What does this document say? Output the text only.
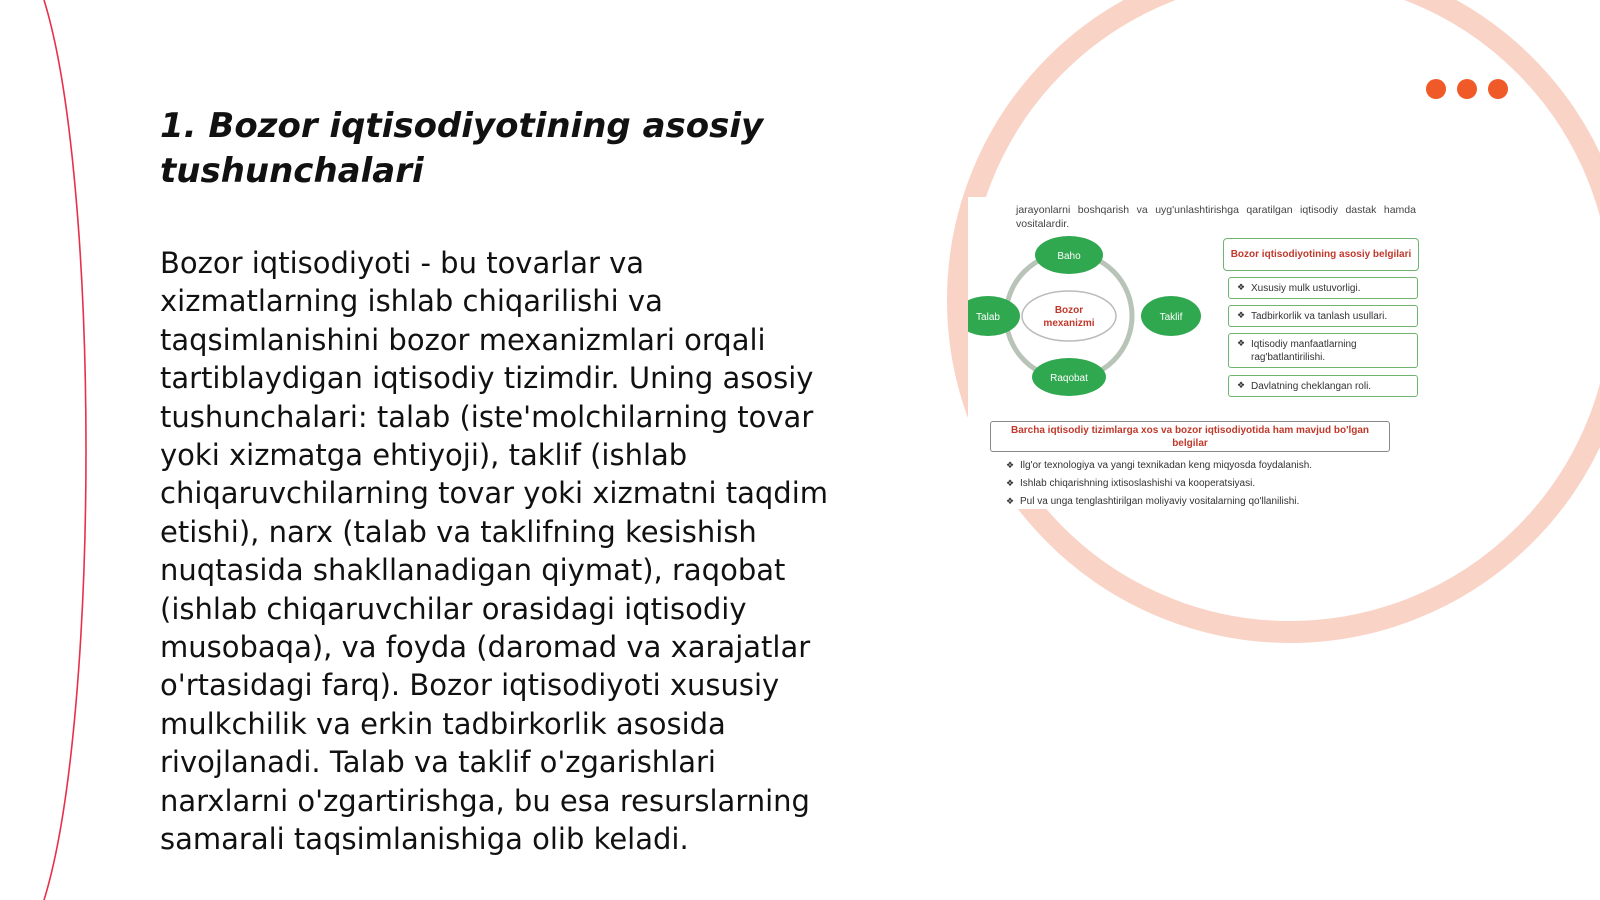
1. Bozor iqtisodiyotining asosiy tushunchalari

Bozor iqtisodiyoti - bu tovarlar va xizmatlarning ishlab chiqarilishi va taqsimlanishini bozor mexanizmlari orqali tartiblaydigan iqtisodiy tizimdir. Uning asosiy tushunchalari: talab (iste'molchilarning tovar yoki xizmatga ehtiyoji), taklif (ishlab chiqaruvchilarning tovar yoki xizmatni taqdim etishi), narx (talab va taklifning kesishish nuqtasida shakllanadigan qiymat), raqobat (ishlab chiqaruvchilar orasidagi iqtisodiy musobaqa), va foyda (daromad va xarajatlar o'rtasidagi farq). Bozor iqtisodiyoti xususiy mulkchilik va erkin tadbirkorlik asosida rivojlanadi. Talab va taklif o'zgarishlari narxlarni o'zgartirishga, bu esa resurslarning samarali taqsimlanishiga olib keladi.

jarayonlarni boshqarish va uyg'unlashtirishga qaratilgan iqtisodiy dastak hamda vositalardir.

Bozor mexanizmi
Baho
Taklif
Raqobat
Talab
Bozor iqtisodiyotining asosiy belgilari
❖ Xususiy mulk ustuvorligi.
❖ Tadbirkorlik va tanlash usullari.
❖ Iqtisodiy manfaatlarning rag'batlantirilishi.
❖ Davlatning cheklangan roli.
Barcha iqtisodiy tizimlarga xos va bozor iqtisodiyotida ham mavjud bo'lgan belgilar
❖ Ilg'or texnologiya va yangi texnikadan keng miqyosda foydalanish.
❖ Ishlab chiqarishning ixtisoslashishi va kooperatsiyasi.
❖ Pul va unga tenglashtirilgan moliyaviy vositalarning qo'llanilishi.
